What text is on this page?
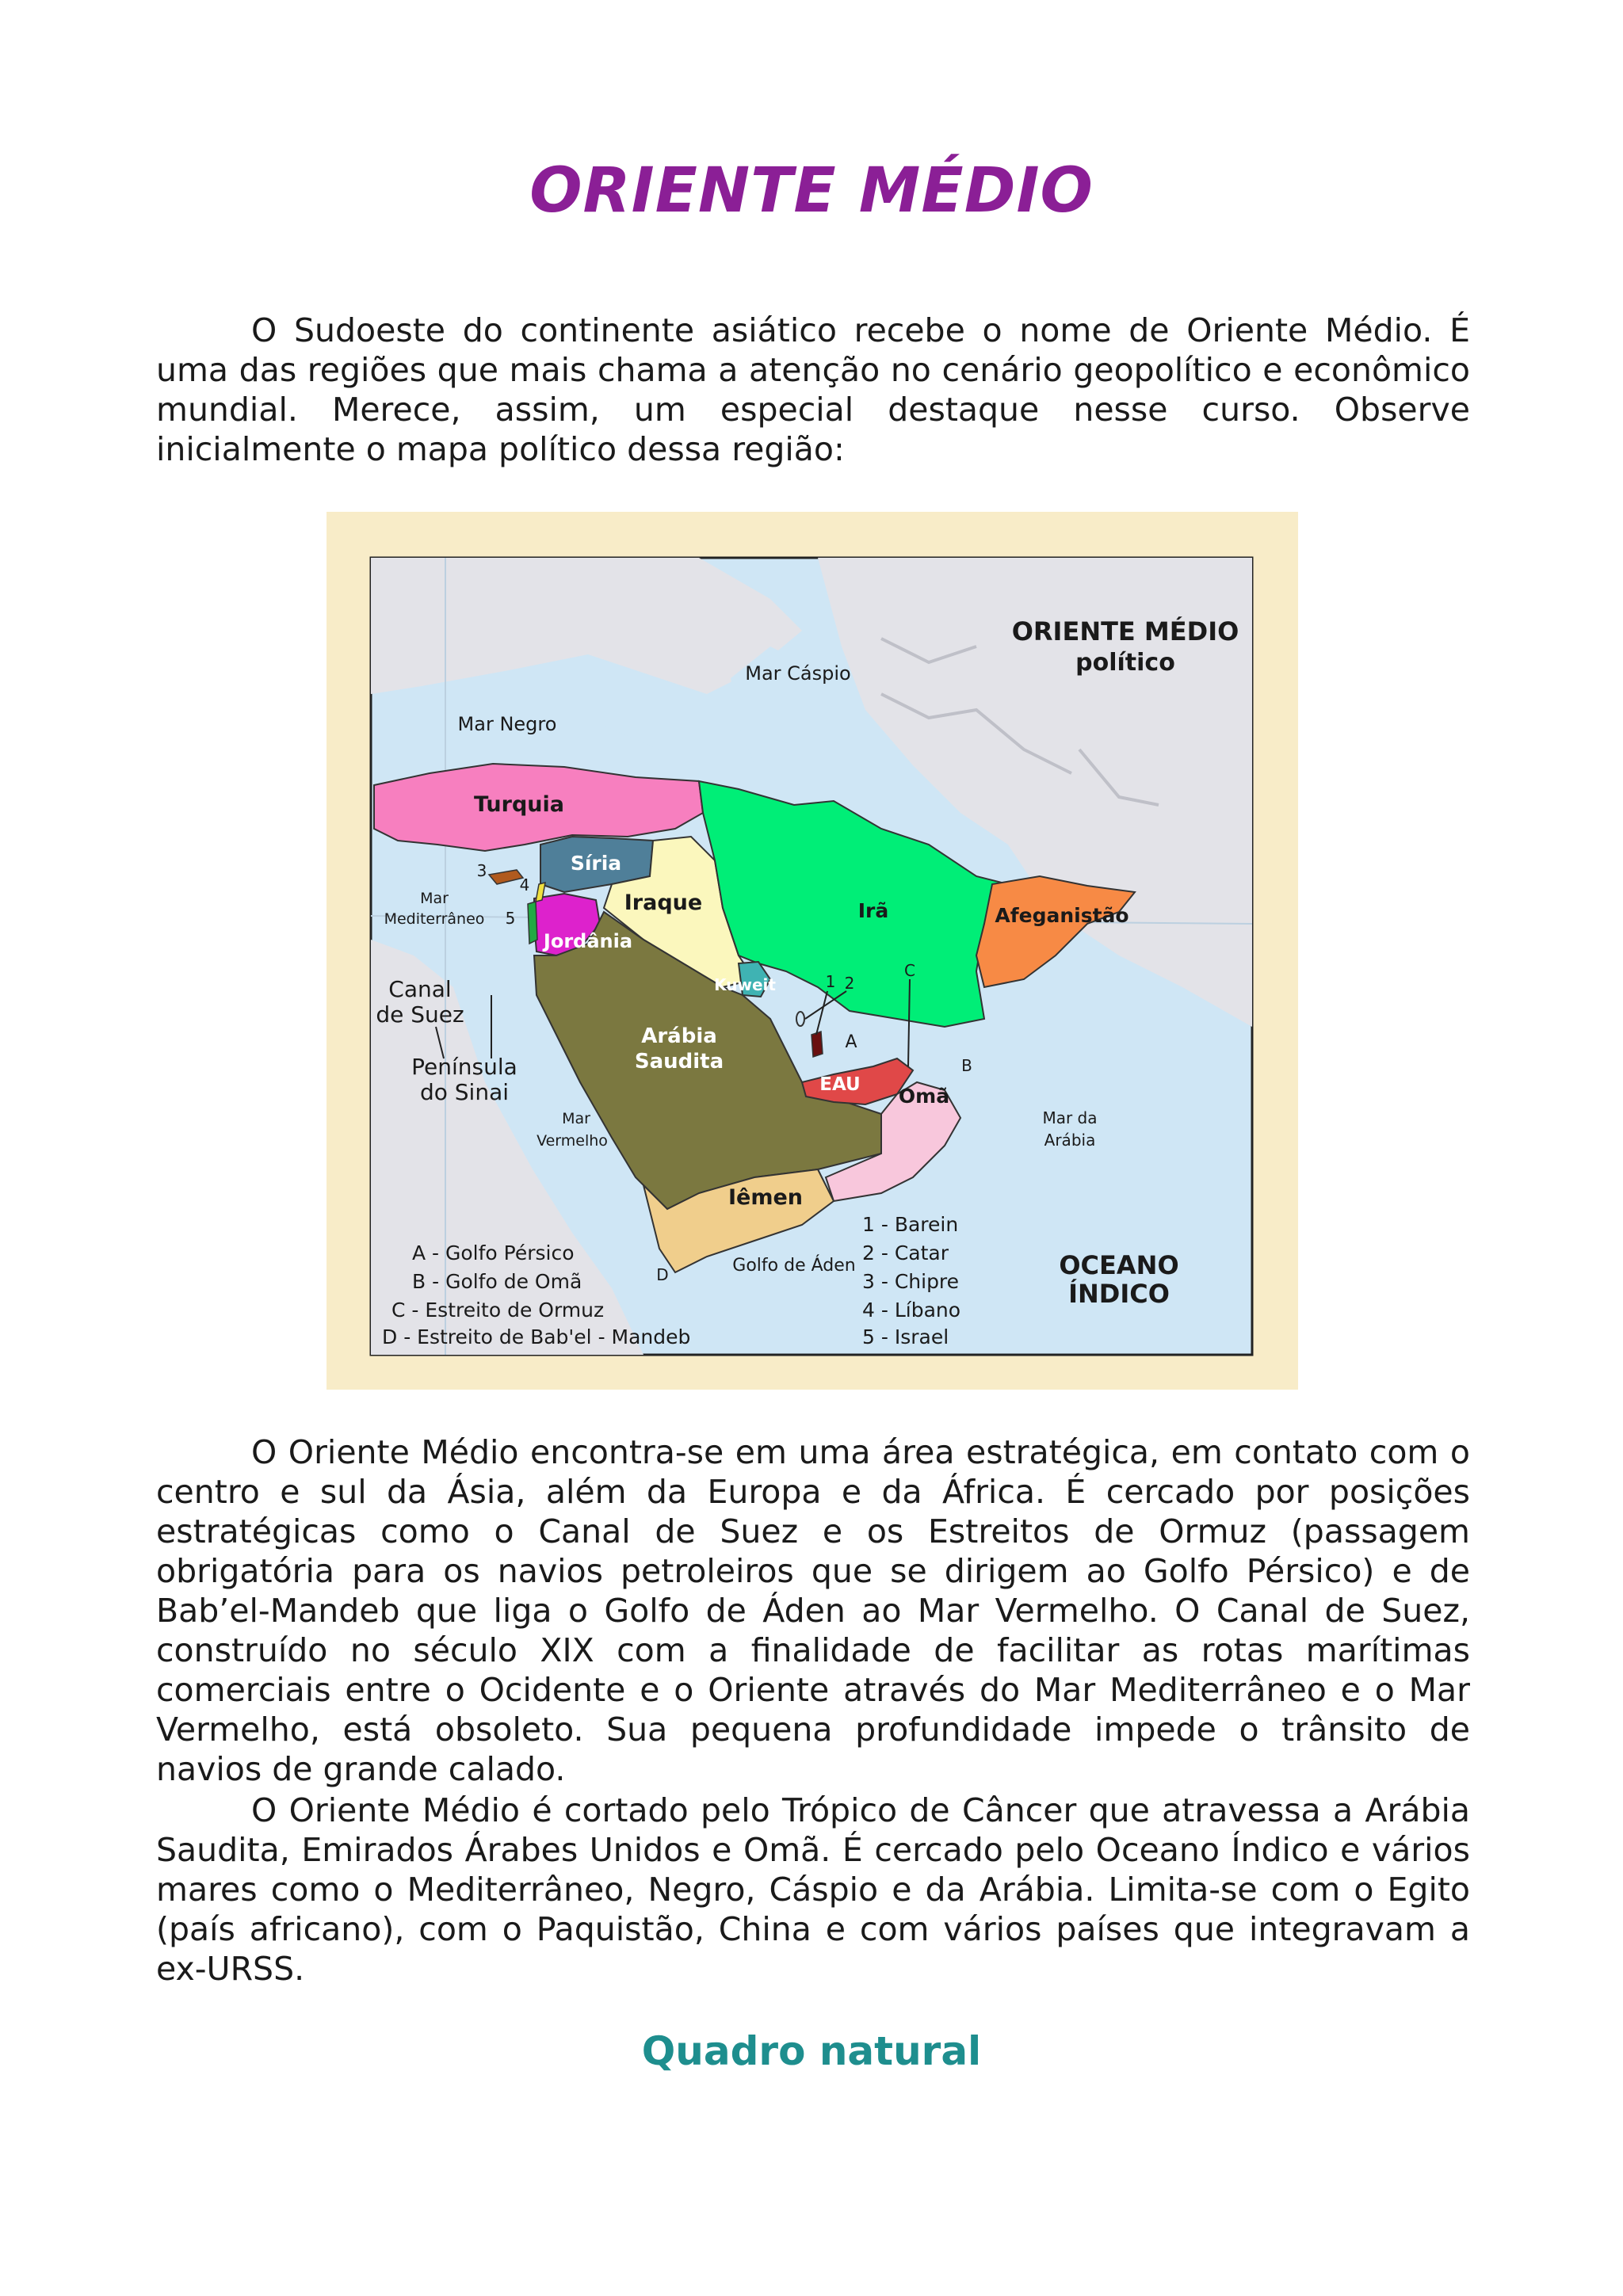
ORIENTE MÉDIO

O Sudoeste do continente asiático recebe o nome de Oriente Médio. É uma das regiões que mais chama a atenção no cenário geopolítico e econômico mundial. Merece, assim, um especial destaque nesse curso. Observe inicialmente o mapa político dessa região:

ORIENTE MÉDIO
político
Mar Cáspio
Mar Negro
Mar
Mediterrâneo
Mar
Vermelho
Mar da
Arábia
OCEANO
ÍNDICO
Golfo de Áden
Canal
de Suez
Península
do Sinai
Turquia
Síria
Iraque	Irã	Afeganistão
Jordânia
Kuweit
Arábia
Saudita
EAU Omã
Iêmen
3
4
5
1 2
A
B
C
D
A - Golfo Pérsico
B - Golfo de Omã
C - Estreito de Ormuz
D - Estreito de Bab'el - Mandeb
1 - Barein
2 - Catar
3 - Chipre
4 - Líbano
5 - Israel

O Oriente Médio encontra-se em uma área estratégica, em contato com o centro e sul da Ásia, além da Europa e da África. É cercado por posições estratégicas como o Canal de Suez e os Estreitos de Ormuz (passagem obrigatória para os navios petroleiros que se dirigem ao Golfo Pérsico) e de Bab’el-Mandeb que liga o Golfo de Áden ao Mar Vermelho. O Canal de Suez, construído no século XIX com a finalidade de facilitar as rotas marítimas comerciais entre o Ocidente e o Oriente através do Mar Mediterrâneo e o Mar Vermelho, está obsoleto. Sua pequena profundidade impede o trânsito de navios de grande calado.

O Oriente Médio é cortado pelo Trópico de Câncer que atravessa a Arábia Saudita, Emirados Árabes Unidos e Omã. É cercado pelo Oceano Índico e vários mares como o Mediterrâneo, Negro, Cáspio e da Arábia. Limita-se com o Egito (país africano), com o Paquistão, China e com vários países que integravam a ex-URSS.

Quadro natural
